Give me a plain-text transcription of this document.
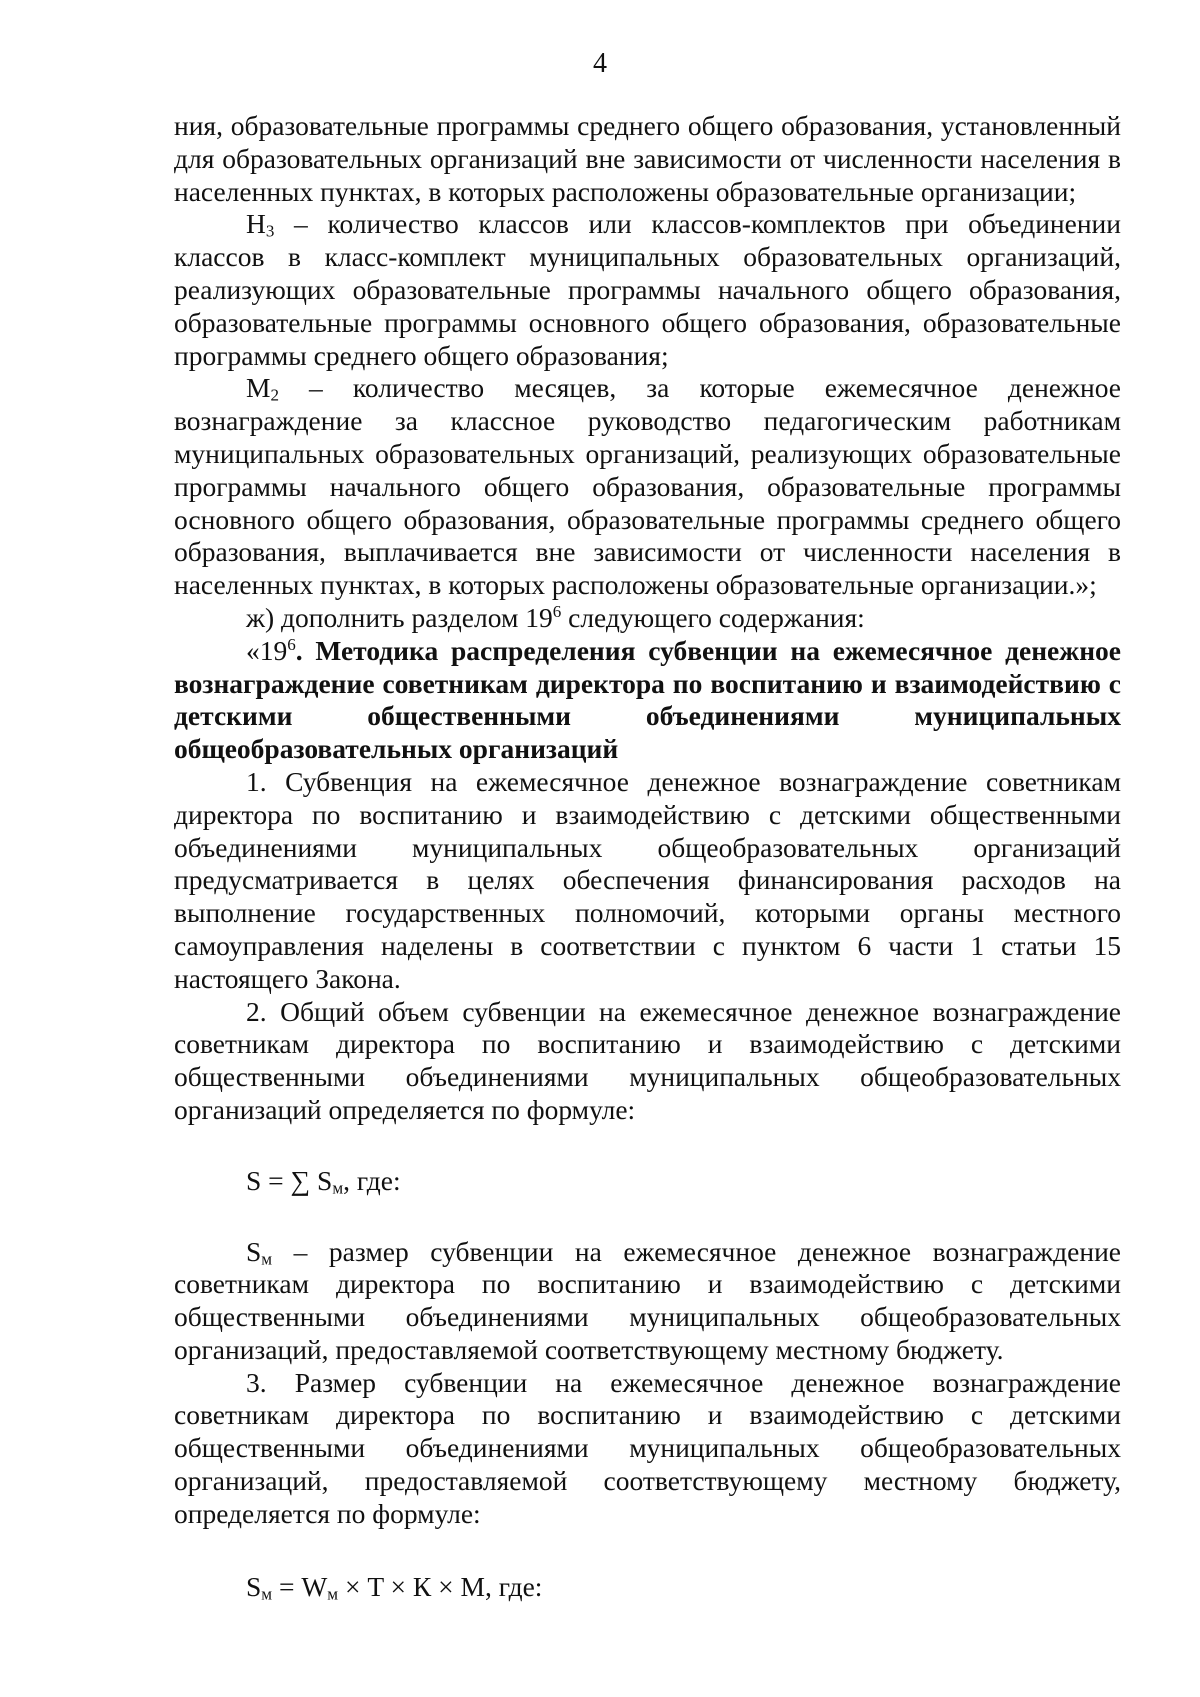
4

ния, образовательные программы среднего общего образования, установленный для образовательных организаций вне зависимости от численности населения в населенных пунктах, в которых расположены образовательные организации;

$Н_3$ – количество классов или классов-комплектов при объединении классов в класс-комплект муниципальных образовательных организаций, реализующих образовательные программы начального общего образования, образовательные программы основного общего образования, образовательные программы среднего общего образования;

$М_2$ – количество месяцев, за которые ежемесячное денежное вознаграждение за классное руководство педагогическим работникам муниципальных образовательных организаций, реализующих образовательные программы начального общего образования, образовательные программы основного общего образования, образовательные программы среднего общего образования, выплачивается вне зависимости от численности населения в населенных пунктах, в которых расположены образовательные организации.»;

ж) дополнить разделом $19^6$ следующего содержания:

«$19^6$. Методика распределения субвенции на ежемесячное денежное вознаграждение советникам директора по воспитанию и взаимодействию с детскими общественными объединениями муниципальных общеобразовательных организаций

1. Субвенция на ежемесячное денежное вознаграждение советникам директора по воспитанию и взаимодействию с детскими общественными объединениями муниципальных общеобразовательных организаций предусматривается в целях обеспечения финансирования расходов на выполнение государственных полномочий, которыми органы местного самоуправления наделены в соответствии с пунктом 6 части 1 статьи 15 настоящего Закона.

2. Общий объем субвенции на ежемесячное денежное вознаграждение советникам директора по воспитанию и взаимодействию с детскими общественными объединениями муниципальных общеобразовательных организаций определяется по формуле:

S = ∑ $S_м$, где:

$S_м$ – размер субвенции на ежемесячное денежное вознаграждение советникам директора по воспитанию и взаимодействию с детскими общественными объединениями муниципальных общеобразовательных организаций, предоставляемой соответствующему местному бюджету.

3. Размер субвенции на ежемесячное денежное вознаграждение советникам директора по воспитанию и взаимодействию с детскими общественными объединениями муниципальных общеобразовательных организаций, предоставляемой соответствующему местному бюджету, определяется по формуле:

$S_м = W_м \times T \times К \times М$, где:
